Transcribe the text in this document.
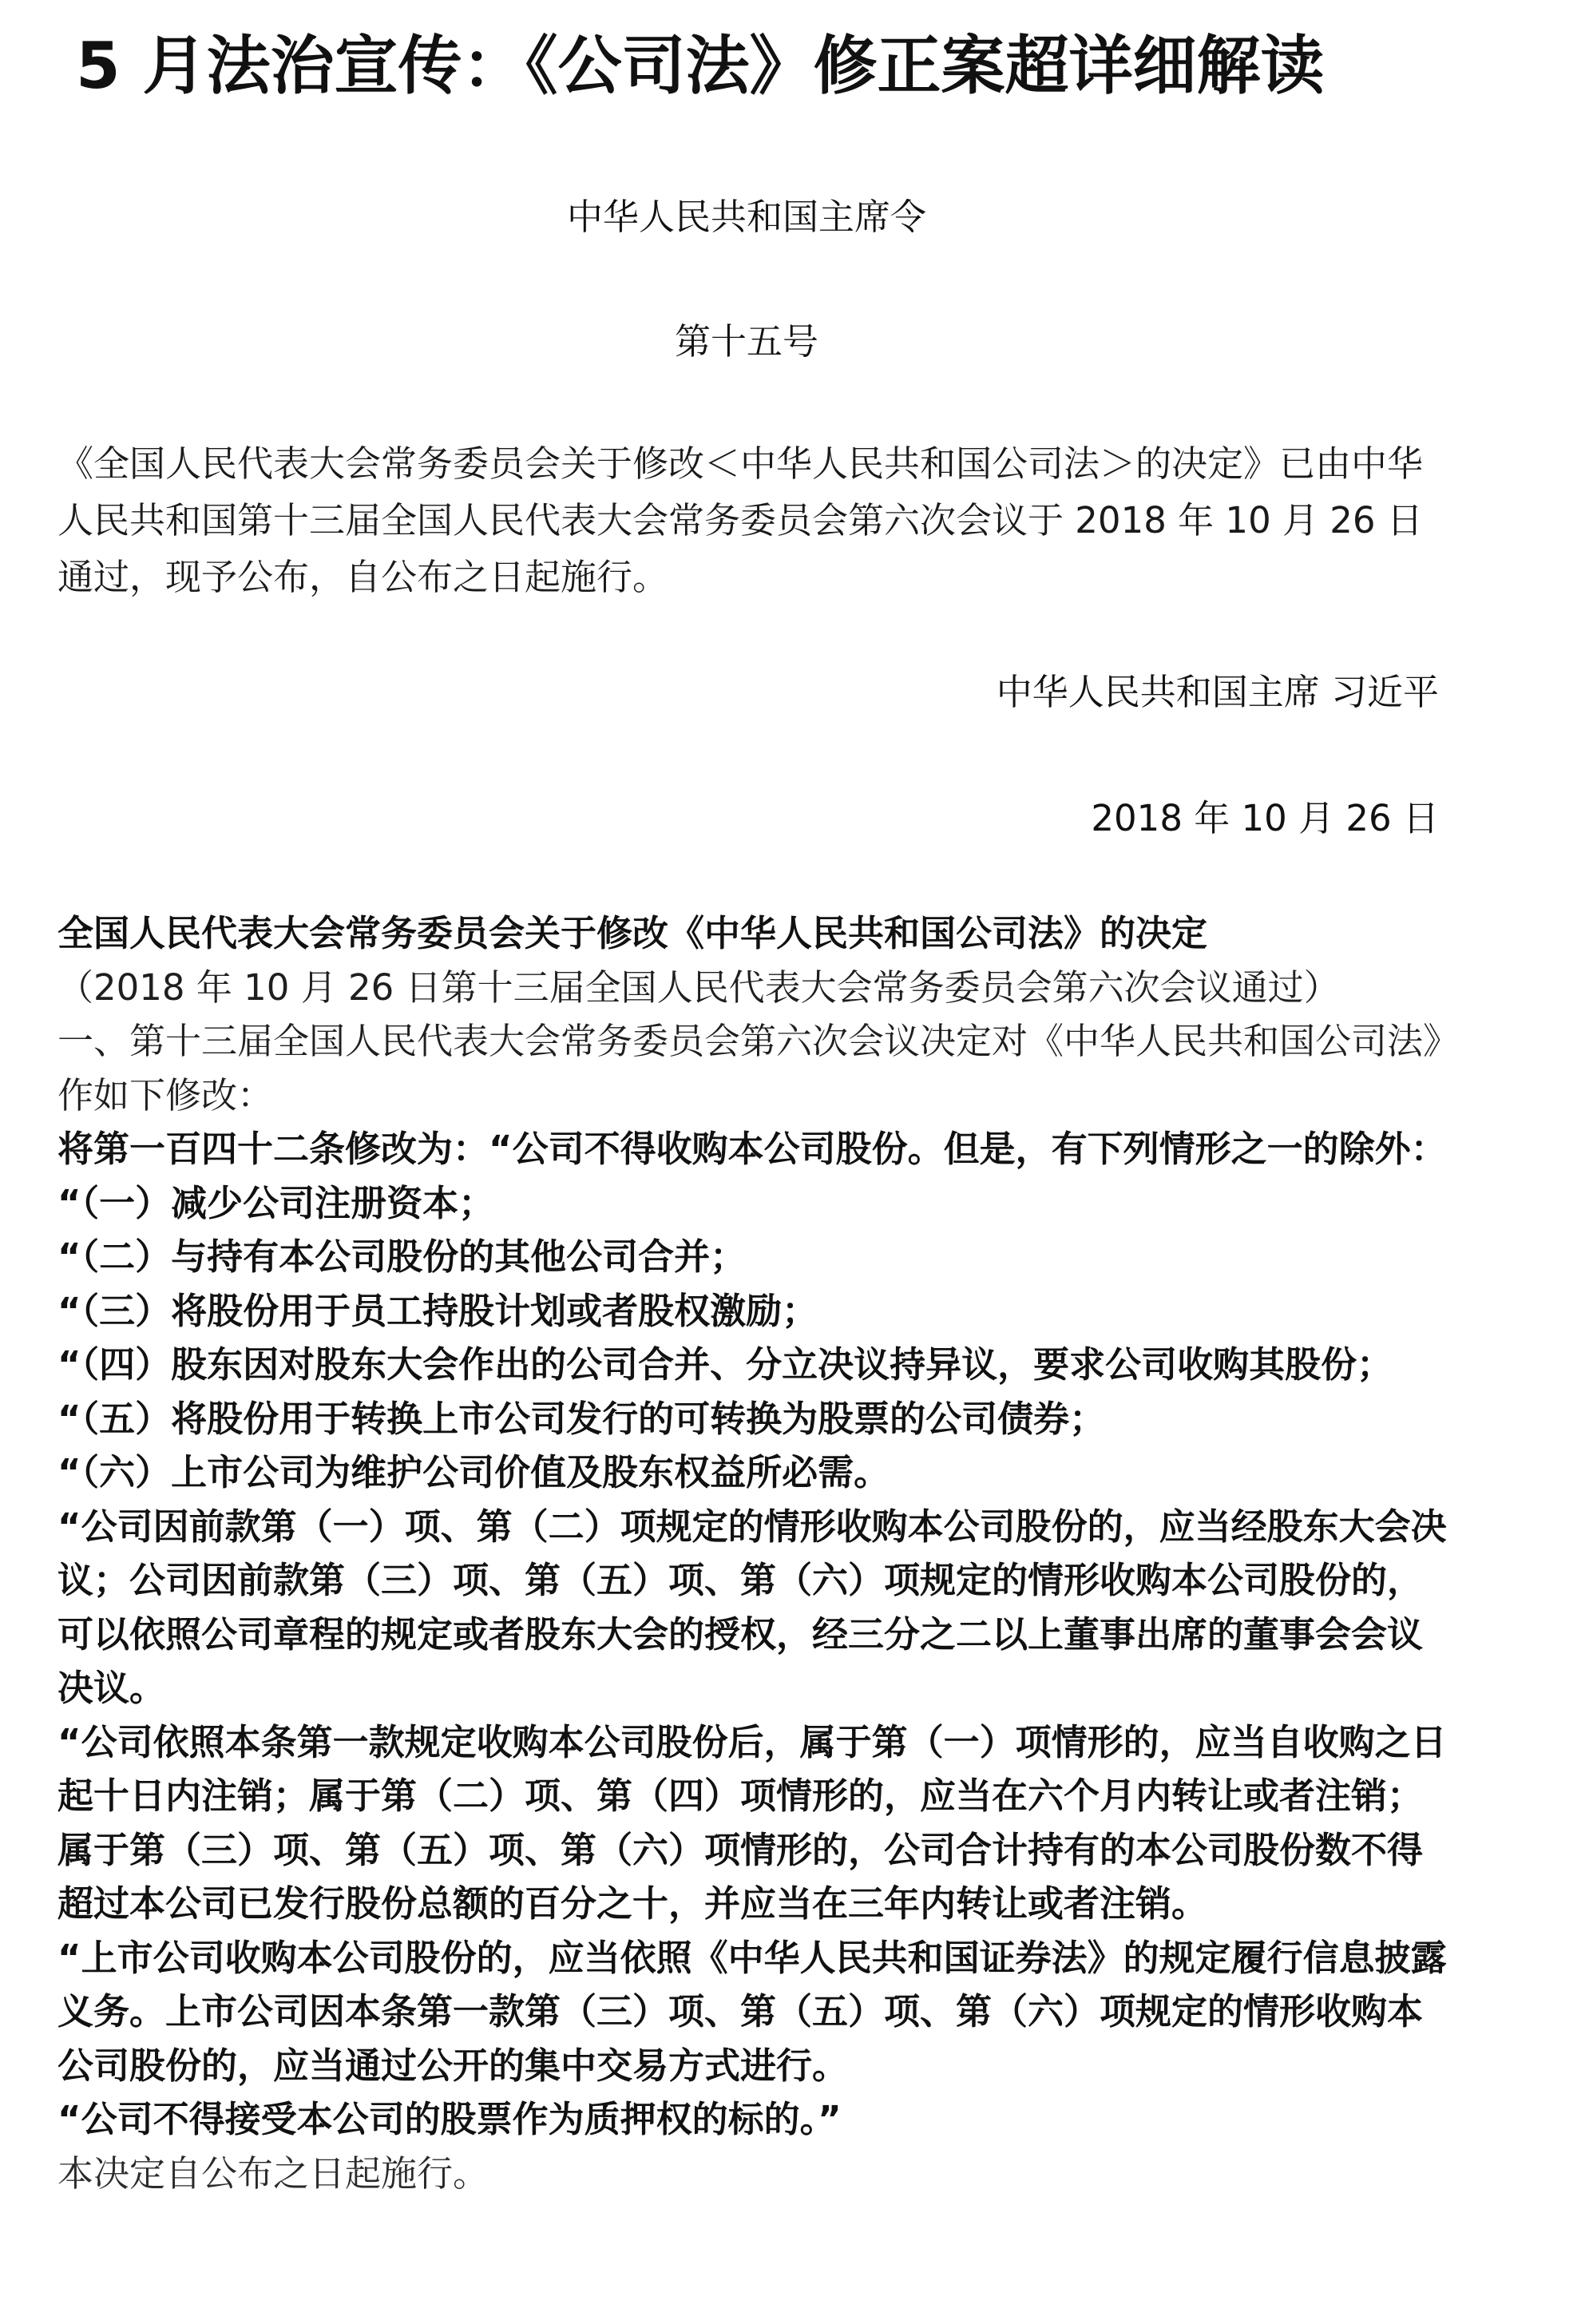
5 月法治宣传：《公司法》修正案超详细解读
中华人民共和国主席令
第十五号
《全国人民代表大会常务委员会关于修改＜中华人民共和国公司法＞的决定》已由中华人民共和国第十三届全国人民代表大会常务委员会第六次会议于 2018 年 10 月 26 日通过，现予公布，自公布之日起施行。
中华人民共和国主席 习近平
2018 年 10 月 26 日
全国人民代表大会常务委员会关于修改《中华人民共和国公司法》的决定
（2018 年 10 月 26 日第十三届全国人民代表大会常务委员会第六次会议通过）
一、第十三届全国人民代表大会常务委员会第六次会议决定对《中华人民共和国公司法》作如下修改：
将第一百四十二条修改为：“公司不得收购本公司股份。但是，有下列情形之一的除外：
“（一）减少公司注册资本；
“（二）与持有本公司股份的其他公司合并；
“（三）将股份用于员工持股计划或者股权激励；
“（四）股东因对股东大会作出的公司合并、分立决议持异议，要求公司收购其股份；
“（五）将股份用于转换上市公司发行的可转换为股票的公司债券；
“（六）上市公司为维护公司价值及股东权益所必需。
“公司因前款第（一）项、第（二）项规定的情形收购本公司股份的，应当经股东大会决议；公司因前款第（三）项、第（五）项、第（六）项规定的情形收购本公司股份的，可以依照公司章程的规定或者股东大会的授权，经三分之二以上董事出席的董事会会议决议。
“公司依照本条第一款规定收购本公司股份后，属于第（一）项情形的，应当自收购之日起十日内注销；属于第（二）项、第（四）项情形的，应当在六个月内转让或者注销；属于第（三）项、第（五）项、第（六）项情形的，公司合计持有的本公司股份数不得超过本公司已发行股份总额的百分之十，并应当在三年内转让或者注销。
“上市公司收购本公司股份的，应当依照《中华人民共和国证券法》的规定履行信息披露义务。上市公司因本条第一款第（三）项、第（五）项、第（六）项规定的情形收购本公司股份的，应当通过公开的集中交易方式进行。
“公司不得接受本公司的股票作为质押权的标的。”
本决定自公布之日起施行。
